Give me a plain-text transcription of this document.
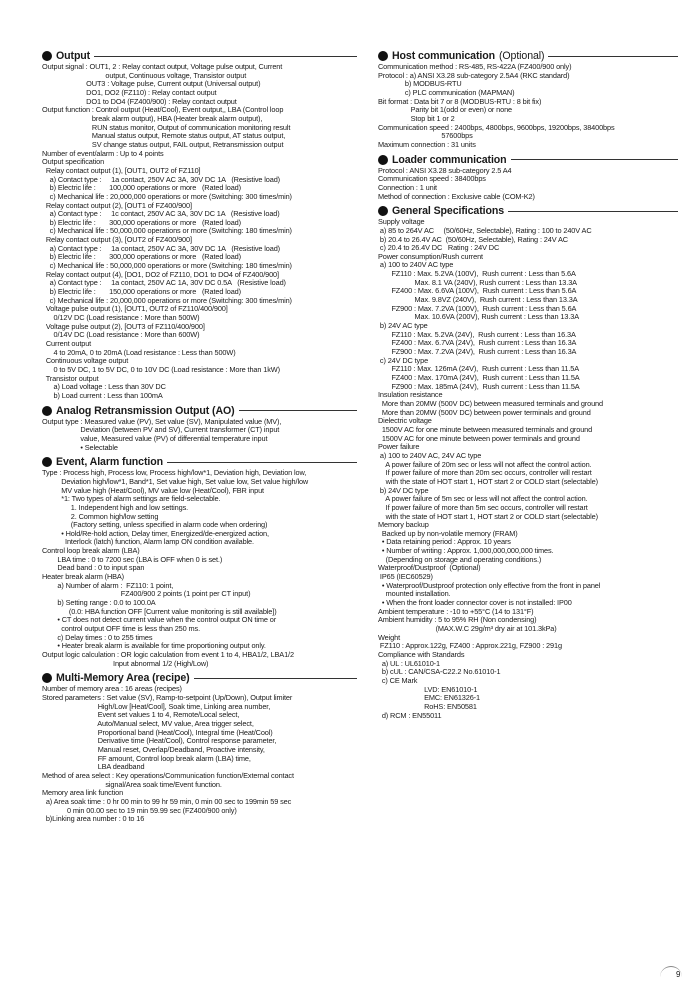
Output
Output signal : OUT1, 2 : Relay contact output, Voltage pulse output, Current
output, Continuous voltage, Transistor output
OUT3 : Voltage pulse, Current output (Universal output)
DO1, DO2 (FZ110) : Relay contact output
DO1 to DO4 (FZ400/900) : Relay contact output
Output function : Control output (Heat/Cool), Event output,, LBA (Control loop
break alarm output), HBA (Heater break alarm output),
RUN status monitor, Output of communication monitoring result
Manual status output, Remote status output, AT status output,
SV change status output, FAIL output, Retransmission output
Number of event/alarm : Up to 4 points
Output specification
Relay contact output (1), [OUT1, OUT2 of FZ110]
a) Contact type :     1a contact, 250V AC 3A, 30V DC 1A   (Resistive load)
b) Electric life :       100,000 operations or more   (Rated load)
c) Mechanical life : 20,000,000 operations or more (Switching: 300 times/min)
Relay contact output (2), [OUT1 of FZ400/900]
a) Contact type :     1c contact, 250V AC 3A, 30V DC 1A   (Resistive load)
b) Electric life :       300,000 operations or more   (Rated load)
c) Mechanical life : 50,000,000 operations or more (Switching: 180 times/min)
Relay contact output (3), [OUT2 of FZ400/900]
a) Contact type :     1a contact, 250V AC 3A, 30V DC 1A   (Resistive load)
b) Electric life :       300,000 operations or more   (Rated load)
c) Mechanical life : 50,000,000 operations or more (Switching: 180 times/min)
Relay contact output (4), [DO1, DO2 of FZ110, DO1 to DO4 of FZ400/900]
a) Contact type :     1a contact, 250V AC 1A, 30V DC 0.5A   (Resistive load)
b) Electric life :       150,000 operations or more   (Rated load)
c) Mechanical life : 20,000,000 operations or more (Switching: 300 times/min)
Voltage pulse output (1), [OUT1, OUT2 of FZ110/400/900]
0/12V DC (Load resistance : More than 500W)
Voltage pulse output (2), [OUT3 of FZ110/400/900]
0/14V DC (Load resistance : More than 600W)
Current output
4 to 20mA, 0 to 20mA (Load resistance : Less than 500W)
Continuous voltage output
0 to 5V DC, 1 to 5V DC, 0 to 10V DC (Load resistance : More than 1kW)
Transistor output
a) Load voltage : Less than 30V DC
b) Load current : Less than 100mA
Analog Retransmission Output (AO)
Output type : Measured value (PV), Set value (SV), Manipulated value (MV),
Deviation (between PV and SV), Current transformer (CT) input
value, Measured value (PV) of differential temperature input
• Selectable
Event, Alarm function
Type : Process high, Process low, Process high/low*1, Deviation high, Deviation low,
Deviation high/low*1, Band*1, Set value high, Set value low, Set value high/low
MV value high (Heat/Cool), MV value low (Heat/Cool), FBR input
*1: Two types of alarm settings are field-selectable.
1. Independent high and low settings.
2. Common high/low setting
(Factory setting, unless specified in alarm code when ordering)
• Hold/Re-hold action, Delay timer, Energized/de-energized action,
Interlock (latch) function, Alarm lamp ON condition available.
Control loop break alarm (LBA)
LBA time : 0 to 7200 sec (LBA is OFF when 0 is set.)
Dead band : 0 to input span
Heater break alarm (HBA)
a) Number of alarm :  FZ110: 1 point,
FZ400/900 2 points (1 point per CT input)
b) Setting range : 0.0 to 100.0A
(0.0: HBA function OFF [Current value monitoring is still available])
• CT does not detect current value when the control output ON time or
control output OFF time is less than 250 ms.
c) Delay times : 0 to 255 times
• Heater break alarm is available for time proportioning output only.
Output logic calculation : OR logic calculation from event 1 to 4, HBA1/2, LBA1/2
Input abnormal 1/2 (High/Low)
Multi-Memory Area (recipe)
Number of memory area : 16 areas (recipes)
Stored parameters : Set value (SV), Ramp-to-setpoint (Up/Down), Output limiter
High/Low [Heat/Cool], Soak time, Linking area number,
Event set values 1 to 4, Remote/Local select,
Auto/Manual select, MV value, Area trigger select,
Proportional band (Heat/Cool), Integral time (Heat/Cool)
Derivative time (Heat/Cool), Control response parameter,
Manual reset, Overlap/Deadband, Proactive intensity,
FF amount, Control loop break alarm (LBA) time,
LBA deadband
Method of area select : Key operations/Communication function/External contact
signal/Area soak time/Event function.
Memory area link function
a) Area soak time : 0 hr 00 min to 99 hr 59 min, 0 min 00 sec to 199min 59 sec
0 min 00.00 sec to 19 min 59.99 sec (FZ400/900 only)
b)Linking area number : 0 to 16
Host communication (Optional)
Communication method : RS-485, RS-422A (FZ400/900 only)
Protocol : a) ANSI X3.28 sub-category 2.5A4 (RKC standard)
b) MODBUS-RTU
c) PLC communication (MAPMAN)
Bit format : Data bit 7 or 8 (MODBUS-RTU : 8 bit fix)
Parity bit 1(odd or even) or none
Stop bit 1 or 2
Communication speed : 2400bps, 4800bps, 9600bps, 19200bps, 38400bps
57600bps
Maximum connection : 31 units
Loader communication
Protocol : ANSI X3.28 sub-category 2.5 A4
Communication speed : 38400bps
Connection : 1 unit
Method of connection : Exclusive cable (COM-K2)
General Specifications
Supply voltage
a) 85 to 264V AC     (50/60Hz, Selectable), Rating : 100 to 240V AC
b) 20.4 to 26.4V AC  (50/60Hz, Selectable), Rating : 24V AC
c) 20.4 to 26.4V DC   Rating : 24V DC
Power consumption/Rush current
a) 100 to 240V AC type
FZ110 : Max. 5.2VA (100V),  Rush current : Less than 5.6A
Max. 8.1 VA (240V), Rush current : Less than 13.3A
FZ400 : Max. 6.6VA (100V),  Rush current : Less than 5.6A
Max. 9.8VZ (240V),  Rush current : Less than 13.3A
FZ900 : Max. 7.2VA (100V),  Rush current : Less than 5.6A
Max. 10.6VA (200V), Rush current : Less than 13.3A
b) 24V AC type
FZ110 : Max. 5.2VA (24V),  Rush current : Less than 16.3A
FZ400 : Max. 6.7VA (24V),  Rush current : Less than 16.3A
FZ900 : Max. 7.2VA (24V),  Rush current : Less than 16.3A
c) 24V DC type
FZ110 : Max. 126mA (24V),  Rush current : Less than 11.5A
FZ400 : Max. 170mA (24V),  Rush current : Less than 11.5A
FZ900 : Max. 185mA (24V),  Rush current : Less than 11.5A
Insulation resistance
More than 20MW (500V DC) between measured terminals and ground
More than 20MW (500V DC) between power terminals and ground
Dielectric voltage
1500V AC for one minute between measured terminals and ground
1500V AC for one minute between power terminals and ground
Power failure
a) 100 to 240V AC, 24V AC type
A power failure of 20m sec or less will not affect the control action.
If power failure of more than 20m sec occurs, controller will restart
with the state of HOT start 1, HOT start 2 or COLD start (selectable)
b) 24V DC type
A power failure of 5m sec or less will not affect the control action.
If power failure of more than 5m sec occurs, controller will restart
with the state of HOT start 1, HOT start 2 or COLD start (selectable)
Memory backup
Backed up by non-volatile memory (FRAM)
• Data retaining period : Approx. 10 years
• Number of writing : Approx. 1,000,000,000,000 times.
(Depending on storage and operating conditions.)
Waterproof/Dustproof  (Optional)
IP65 (IEC60529)
• Waterproof/Dustproof protection only effective from the front in panel
mounted installation.
• When the front loader connector cover is not installed: IP00
Ambient temperature : -10 to +55°C (14 to 131°F)
Ambient humidity : 5 to 95% RH (Non condensing)
(MAX.W.C 29g/m³ dry air at 101.3kPa)
Weight
FZ110 : Approx.122g, FZ400 : Approx.221g, FZ900 : 291g
Compliance with Standards
a) UL : UL61010-1
b) cUL : CAN/CSA-C22.2 No.61010-1
c) CE Mark
LVD: EN61010-1
EMC: EN61326-1
RoHS: EN50581
d) RCM : EN55011
9
